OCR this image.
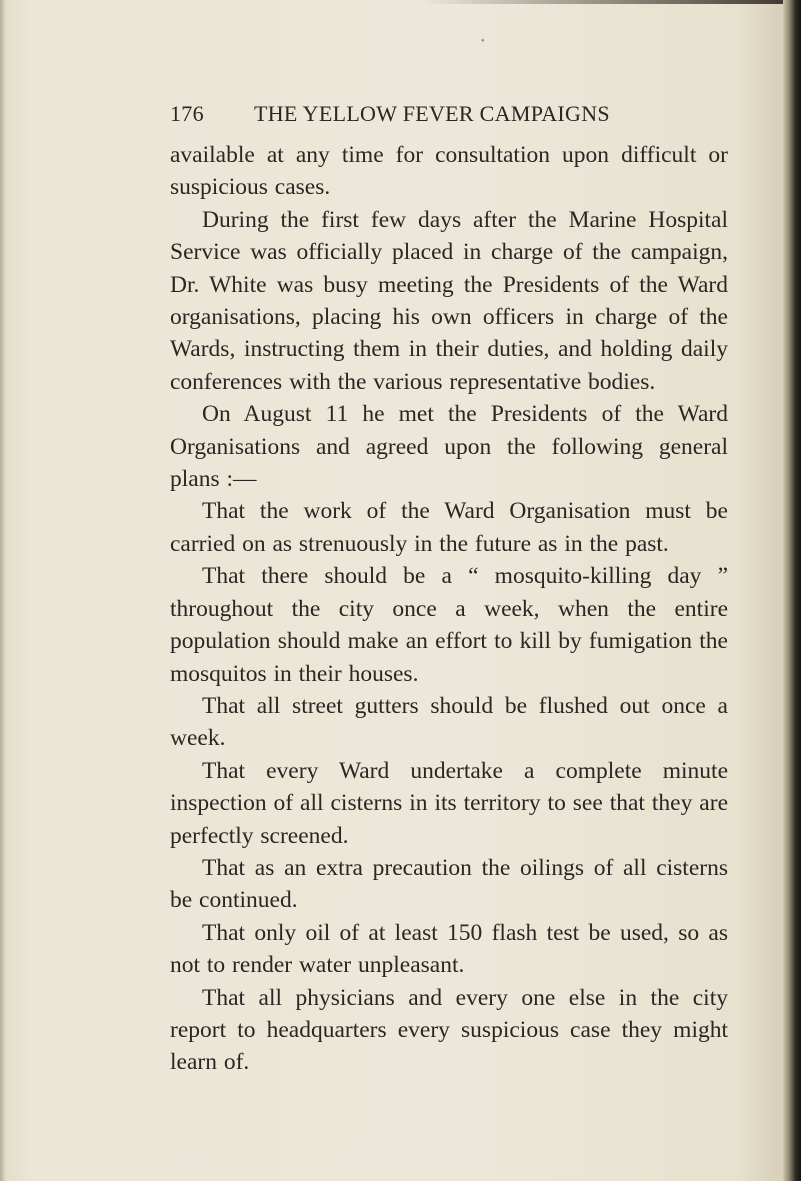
•
176 THE YELLOW FEVER CAMPAIGNS

available at any time for consultation upon difficult or suspicious cases.

During the first few days after the Marine Hospital Service was officially placed in charge of the campaign, Dr. White was busy meeting the Presidents of the Ward organisations, placing his own officers in charge of the Wards, instructing them in their duties, and holding daily conferences with the various representative bodies.

On August 11 he met the Presidents of the Ward Organisations and agreed upon the following general plans :—

That the work of the Ward Organisation must be carried on as strenuously in the future as in the past.

That there should be a “ mosquito-killing day ” throughout the city once a week, when the entire population should make an effort to kill by fumigation the mosquitos in their houses.

That all street gutters should be flushed out once a week.

That every Ward undertake a complete minute inspection of all cisterns in its territory to see that they are perfectly screened.

That as an extra precaution the oilings of all cisterns be continued.

That only oil of at least 150 flash test be used, so as not to render water unpleasant.

That all physicians and every one else in the city report to headquarters every suspicious case they might learn of.
